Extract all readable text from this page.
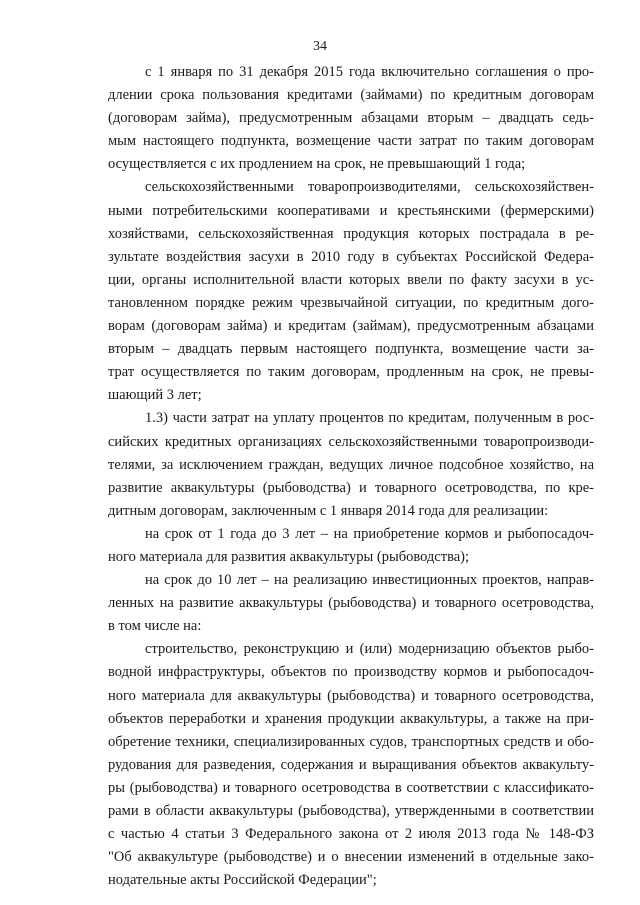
34
с 1 января по 31 декабря 2015 года включительно соглашения о про-
длении срока пользования кредитами (займами) по кредитным договорам
(договорам займа), предусмотренным абзацами вторым – двадцать седь-
мым настоящего подпункта, возмещение части затрат по таким договорам
осуществляется с их продлением на срок, не превышающий 1 года;
сельскохозяйственными товаропроизводителями, сельскохозяйствен-
ными потребительскими кооперативами и крестьянскими (фермерскими)
хозяйствами, сельскохозяйственная продукция которых пострадала в ре-
зультате воздействия засухи в 2010 году в субъектах Российской Федера-
ции, органы исполнительной власти которых ввели по факту засухи в ус-
тановленном порядке режим чрезвычайной ситуации, по кредитным дого-
ворам (договорам займа) и кредитам (займам), предусмотренным абзацами
вторым – двадцать первым настоящего подпункта, возмещение части за-
трат осуществляется по таким договорам, продленным на срок, не превы-
шающий 3 лет;
1.3) части затрат на уплату процентов по кредитам, полученным в рос-
сийских кредитных организациях сельскохозяйственными товаропроизводи-
телями, за исключением граждан, ведущих личное подсобное хозяйство, на
развитие аквакультуры (рыбоводства) и товарного осетроводства, по кре-
дитным договорам, заключенным с 1 января 2014 года для реализации:
на срок от 1 года до 3 лет – на приобретение кормов и рыбопосадоч-
ного материала для развития аквакультуры (рыбоводства);
на срок до 10 лет – на реализацию инвестиционных проектов, направ-
ленных на развитие аквакультуры (рыбоводства) и товарного осетроводства,
в том числе на:
строительство, реконструкцию и (или) модернизацию объектов рыбо-
водной инфраструктуры, объектов по производству кормов и рыбопосадоч-
ного материала для аквакультуры (рыбоводства) и товарного осетроводства,
объектов переработки и хранения продукции аквакультуры, а также на при-
обретение техники, специализированных судов, транспортных средств и обо-
рудования для разведения, содержания и выращивания объектов аквакульту-
ры (рыбоводства) и товарного осетроводства в соответствии с классификато-
рами в области аквакультуры (рыбоводства), утвержденными в соответствии
с частью 4 статьи 3 Федерального закона от 2 июля 2013 года № 148-ФЗ
"Об аквакультуре (рыбоводстве) и о внесении изменений в отдельные зако-
нодательные акты Российской Федерации";
